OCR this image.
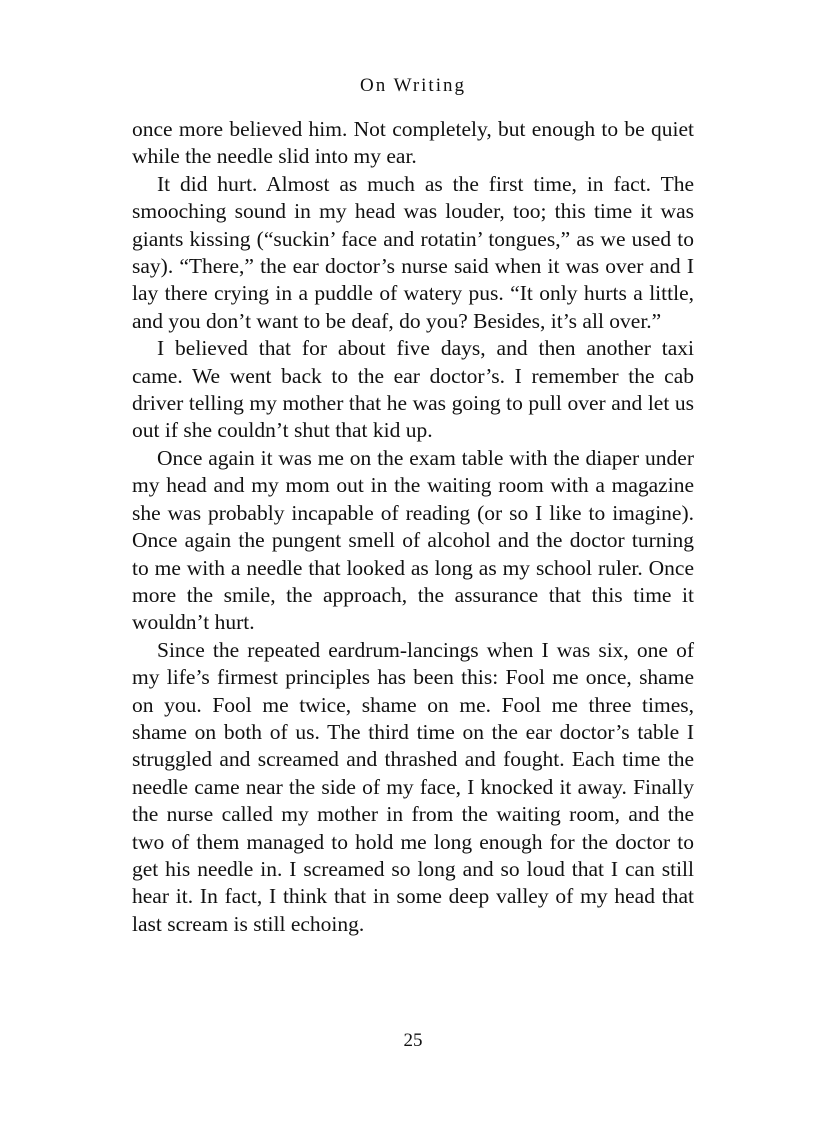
On Writing

once more believed him. Not completely, but enough to be quiet while the needle slid into my ear.

It did hurt. Almost as much as the first time, in fact. The smooching sound in my head was louder, too; this time it was giants kissing (“suckin’ face and rotatin’ tongues,” as we used to say). “There,” the ear doctor’s nurse said when it was over and I lay there crying in a puddle of watery pus. “It only hurts a little, and you don’t want to be deaf, do you? Besides, it’s all over.”

I believed that for about five days, and then another taxi came. We went back to the ear doctor’s. I remember the cab driver telling my mother that he was going to pull over and let us out if she couldn’t shut that kid up.

Once again it was me on the exam table with the diaper under my head and my mom out in the waiting room with a magazine she was probably incapable of reading (or so I like to imagine). Once again the pungent smell of alcohol and the doctor turning to me with a needle that looked as long as my school ruler. Once more the smile, the approach, the assurance that this time it wouldn’t hurt.

Since the repeated eardrum-lancings when I was six, one of my life’s firmest principles has been this: Fool me once, shame on you. Fool me twice, shame on me. Fool me three times, shame on both of us. The third time on the ear doctor’s table I struggled and screamed and thrashed and fought. Each time the needle came near the side of my face, I knocked it away. Finally the nurse called my mother in from the waiting room, and the two of them managed to hold me long enough for the doctor to get his needle in. I screamed so long and so loud that I can still hear it. In fact, I think that in some deep valley of my head that last scream is still echoing.

25
